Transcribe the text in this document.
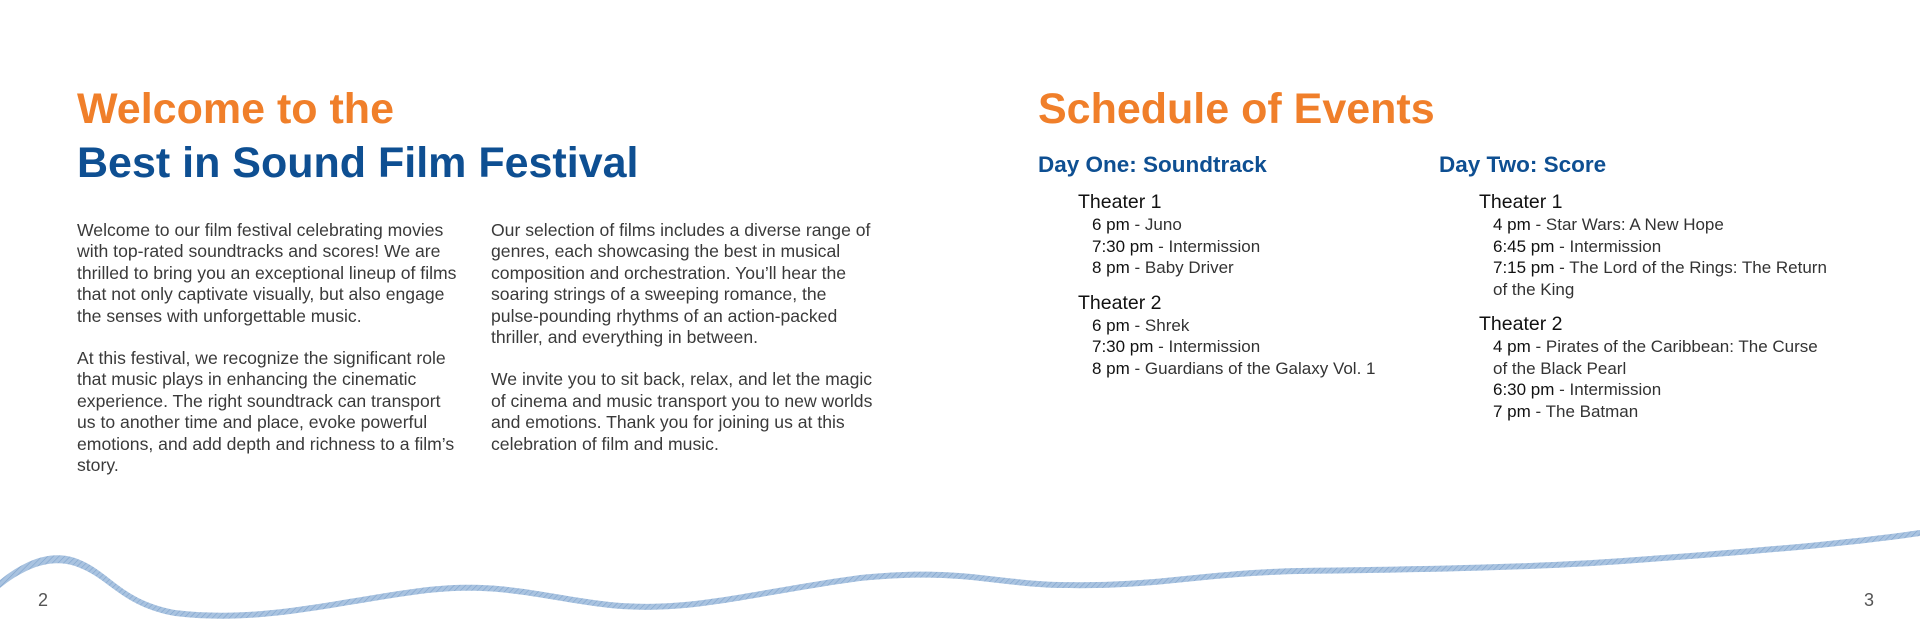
Welcome to the
Best in Sound Film Festival

Welcome to our film festival celebrating movies with top-rated soundtracks and scores! We are thrilled to bring you an exceptional lineup of films that not only captivate visually, but also engage the senses with unforgettable music.

At this festival, we recognize the significant role that music plays in enhancing the cinematic experience. The right soundtrack can transport us to another time and place, evoke powerful emotions, and add depth and richness to a film’s story.

Our selection of films includes a diverse range of genres, each showcasing the best in musical composition and orchestration. You’ll hear the soaring strings of a sweeping romance, the pulse-pounding rhythms of an action-packed thriller, and everything in between.

We invite you to sit back, relax, and let the magic of cinema and music transport you to new worlds and emotions. Thank you for joining us at this celebration of film and music.

Schedule of Events
Day One: Soundtrack
Theater 1
6 pm - Juno
7:30 pm - Intermission
8 pm - Baby Driver
Theater 2
6 pm - Shrek
7:30 pm - Intermission
8 pm - Guardians of the Galaxy Vol. 1
Day Two: Score
Theater 1
4 pm - Star Wars: A New Hope
6:45 pm - Intermission
7:15 pm - The Lord of the Rings: The Return of the King
Theater 2
4 pm - Pirates of the Caribbean: The Curse of the Black Pearl
6:30 pm - Intermission
7 pm - The Batman
2	3
